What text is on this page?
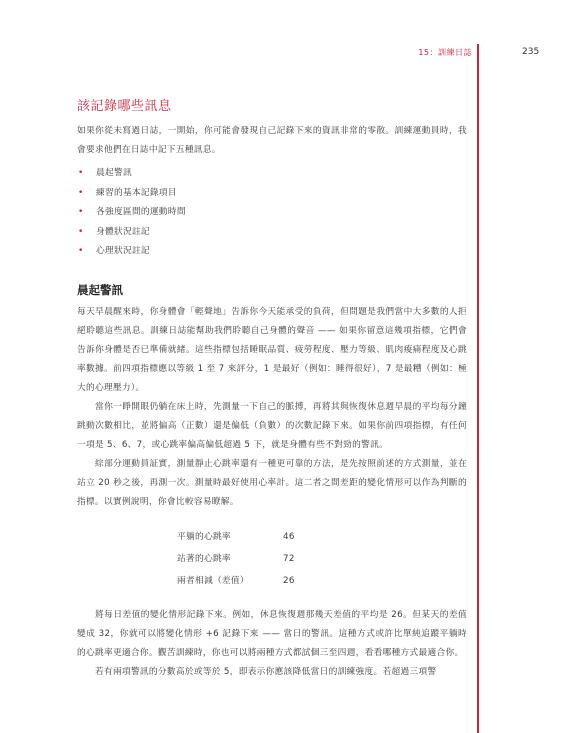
15：訓練日誌	235
該記錄哪些訊息

如果你從未寫過日誌，一開始，你可能會發現自己記錄下來的資訊非常的零散。訓練運動員時，我會要求他們在日誌中記下五種訊息。

• 晨起警訊
• 練習的基本記錄項目
• 各強度區間的運動時間
• 身體狀況註記
• 心理狀況註記
晨起警訊

每天早晨醒來時，你身體會「輕聲地」告訴你今天能承受的負荷，但問題是我們當中大多數的人拒絕聆聽這些訊息。訓練日誌能幫助我們聆聽自己身體的聲音 —— 如果你留意這幾項指標，它們會告訴你身體是否已準備就緒。這些指標包括睡眠品質、疲勞程度、壓力等級、肌肉痠痛程度及心跳率數據。前四項指標應以等級 1 至 7 來評分，1 是最好（例如：睡得很好），7 是最糟（例如：極大的心理壓力）。

當你一睜開眼仍躺在床上時，先測量一下自己的脈搏，再將其與恢復休息週早晨的平均每分鐘跳動次數相比，並將偏高（正數）還是偏低（負數）的次數記錄下來。如果你前四項指標，有任何一項是 5、6、7，或心跳率偏高偏低超過 5 下，就是身體有些不對勁的警訊。

綜部分運動員証實，測量靜止心跳率還有一種更可靠的方法，是先按照前述的方式測量，並在站立 20 秒之後，再測一次。測量時最好使用心率計。這二者之間差距的變化情形可以作為判斷的指標。以實例說明，你會比較容易瞭解。

平躺的心跳率	46
站著的心跳率	72
兩者相減（差值）	26

將每日差值的變化情形記錄下來。例如，休息恢復週那幾天差值的平均是 26。但某天的差值變成 32，你就可以將變化情形 +6 記錄下來 —— 當日的警訊。這種方式或許比單純追蹤平躺時的心跳率更適合你。觀苦訓練時，你也可以將兩種方式都試個三至四週，看看哪種方式最適合你。

若有兩項警訊的分數高於或等於 5，即表示你應該降低當日的訓練強度。若超過三項警
